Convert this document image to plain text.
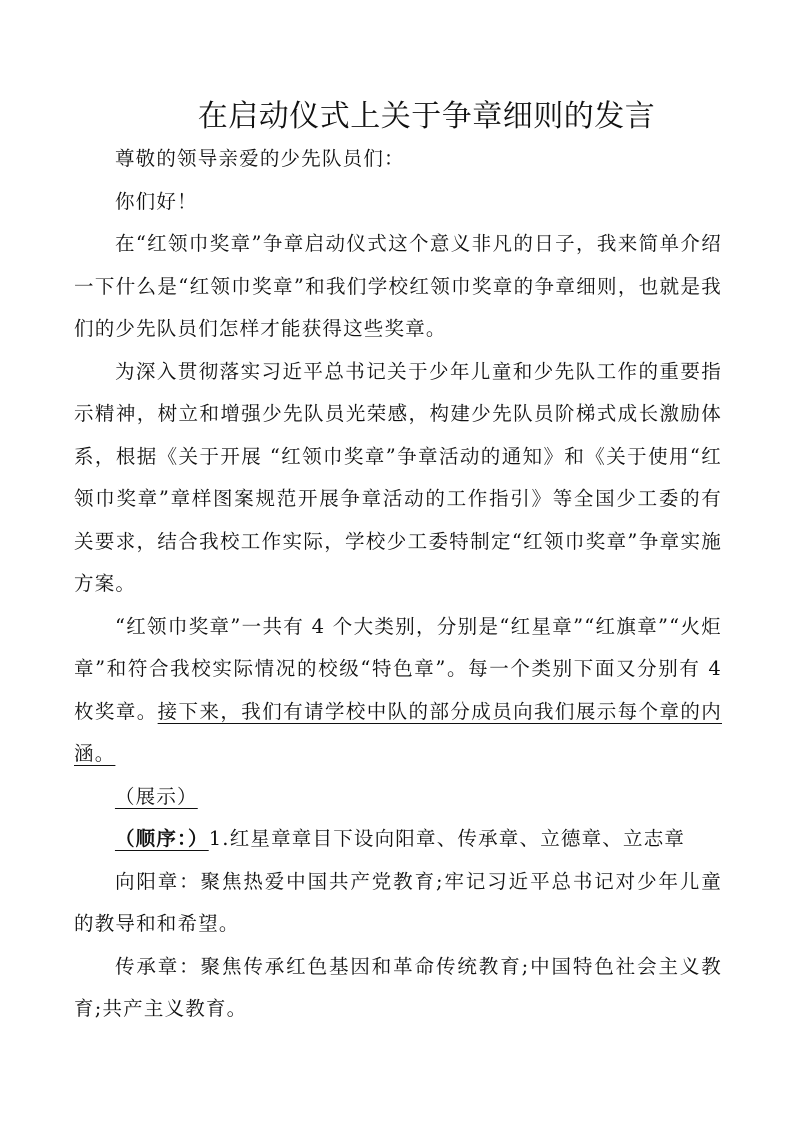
在启动仪式上关于争章细则的发言

尊敬的领导亲爱的少先队员们：

你们好！

在“红领巾奖章”争章启动仪式这个意义非凡的日子，我来简单介绍一下什么是“红领巾奖章”和我们学校红领巾奖章的争章细则，也就是我们的少先队员们怎样才能获得这些奖章。

为深入贯彻落实习近平总书记关于少年儿童和少先队工作的重要指示精神，树立和增强少先队员光荣感，构建少先队员阶梯式成长激励体系，根据《关于开展 “红领巾奖章”争章活动的通知》和《关于使用“红领巾奖章”章样图案规范开展争章活动的工作指引》等全国少工委的有关要求，结合我校工作实际，学校少工委特制定“红领巾奖章”争章实施方案。

“红领巾奖章”一共有 4 个大类别，分别是“红星章”“红旗章”“火炬章”和符合我校实际情况的校级“特色章”。每一个类别下面又分别有 4 枚奖章。接下来，我们有请学校中队的部分成员向我们展示每个章的内涵。

（展示）

（顺序：）1.红星章章目下设向阳章、传承章、立德章、立志章

向阳章：聚焦热爱中国共产党教育;牢记习近平总书记对少年儿童的教导和和希望。

传承章：聚焦传承红色基因和革命传统教育;中国特色社会主义教育;共产主义教育。
